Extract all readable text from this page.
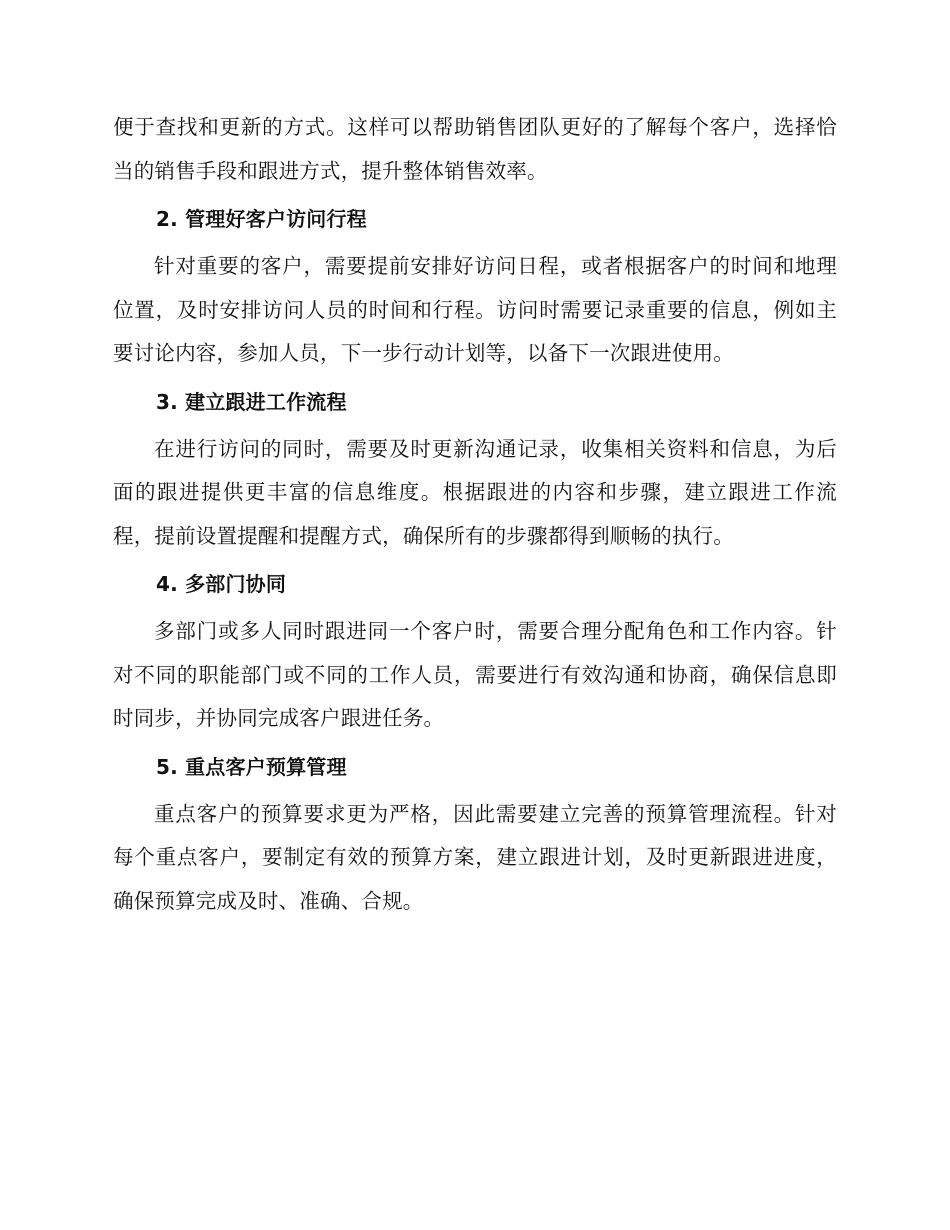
便于查找和更新的方式。这样可以帮助销售团队更好的了解每个客户，选择恰当的销售手段和跟进方式，提升整体销售效率。

2. 管理好客户访问行程

针对重要的客户，需要提前安排好访问日程，或者根据客户的时间和地理位置，及时安排访问人员的时间和行程。访问时需要记录重要的信息，例如主要讨论内容，参加人员，下一步行动计划等，以备下一次跟进使用。

3. 建立跟进工作流程

在进行访问的同时，需要及时更新沟通记录，收集相关资料和信息，为后面的跟进提供更丰富的信息维度。根据跟进的内容和步骤，建立跟进工作流程，提前设置提醒和提醒方式，确保所有的步骤都得到顺畅的执行。

4. 多部门协同

多部门或多人同时跟进同一个客户时，需要合理分配角色和工作内容。针对不同的职能部门或不同的工作人员，需要进行有效沟通和协商，确保信息即时同步，并协同完成客户跟进任务。

5. 重点客户预算管理

重点客户的预算要求更为严格，因此需要建立完善的预算管理流程。针对每个重点客户，要制定有效的预算方案，建立跟进计划，及时更新跟进进度，确保预算完成及时、准确、合规。
